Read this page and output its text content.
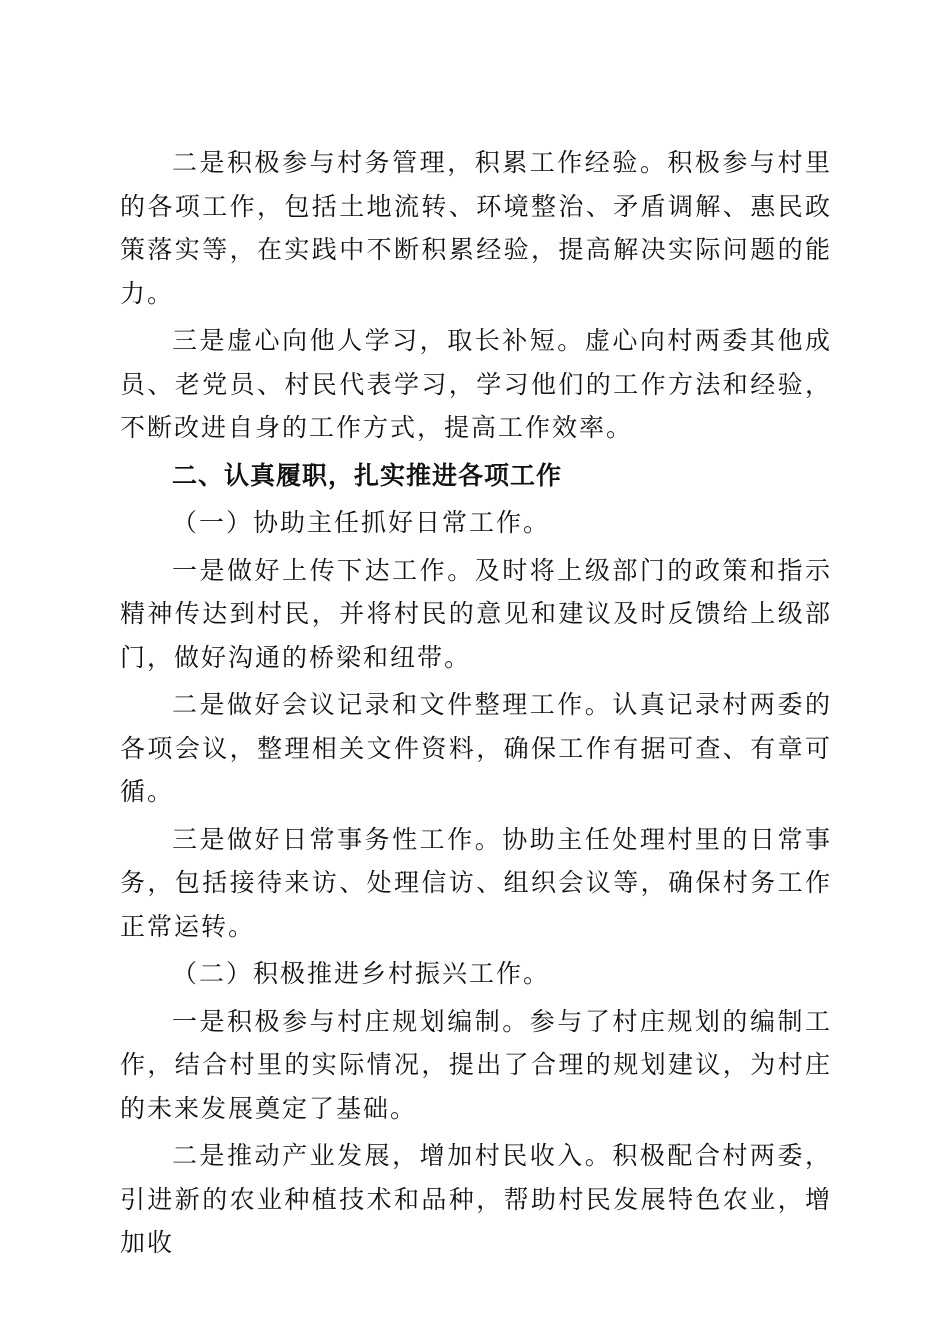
二是积极参与村务管理，积累工作经验。积极参与村里的各项工作，包括土地流转、环境整治、矛盾调解、惠民政策落实等，在实践中不断积累经验，提高解决实际问题的能力。

三是虚心向他人学习，取长补短。虚心向村两委其他成员、老党员、村民代表学习，学习他们的工作方法和经验，不断改进自身的工作方式，提高工作效率。

二、认真履职，扎实推进各项工作

（一）协助主任抓好日常工作。

一是做好上传下达工作。及时将上级部门的政策和指示精神传达到村民，并将村民的意见和建议及时反馈给上级部门，做好沟通的桥梁和纽带。

二是做好会议记录和文件整理工作。认真记录村两委的各项会议，整理相关文件资料，确保工作有据可查、有章可循。

三是做好日常事务性工作。协助主任处理村里的日常事务，包括接待来访、处理信访、组织会议等，确保村务工作正常运转。

（二）积极推进乡村振兴工作。

一是积极参与村庄规划编制。参与了村庄规划的编制工作，结合村里的实际情况，提出了合理的规划建议，为村庄的未来发展奠定了基础。

二是推动产业发展，增加村民收入。积极配合村两委，引进新的农业种植技术和品种，帮助村民发展特色农业，增加收
